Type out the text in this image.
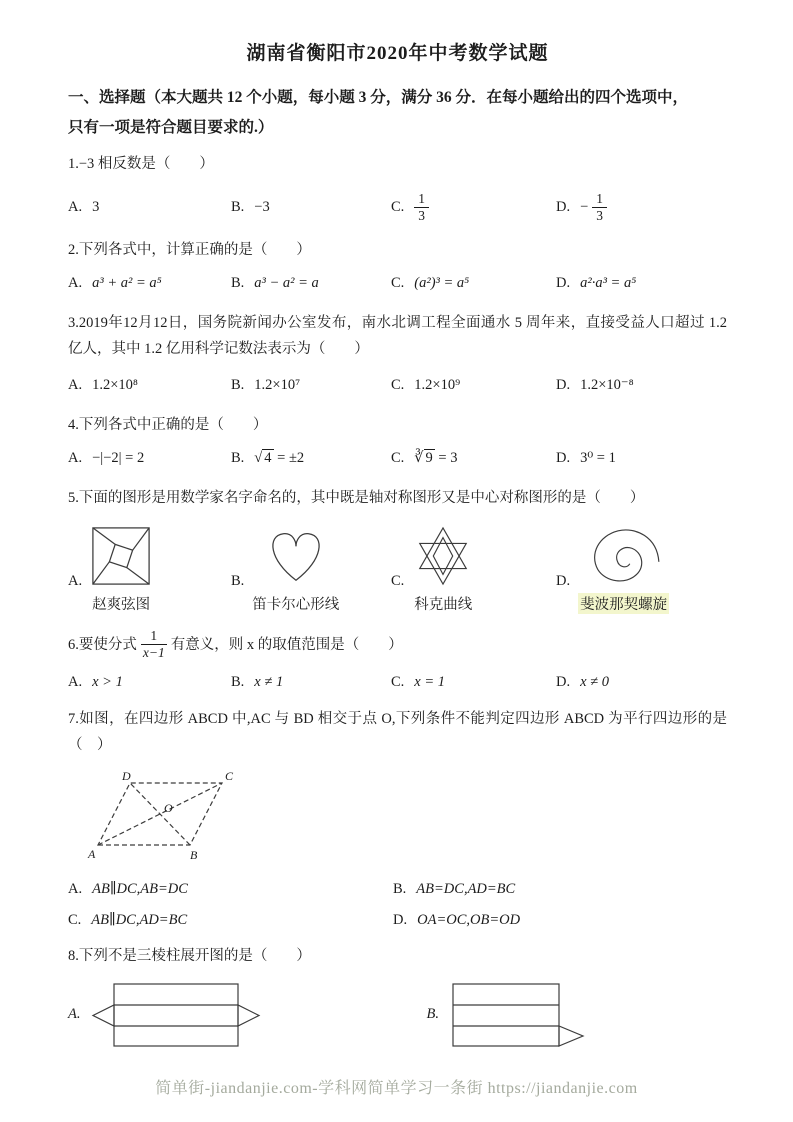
湖南省衡阳市2020年中考数学试题

一、选择题（本大题共 12 个小题，每小题 3 分，满分 36 分．在每小题给出的四个选项中，

只有一项是符合题目要求的.）

1.−3 相反数是（　　）

A. 3	B. −3	C. $\frac{1}{3}$	D. − $\frac{1}{3}$

2.下列各式中，计算正确的是（　　）

A. a³ + a² = a⁵	B. a³ − a² = a	C. (a²)³ = a⁵	D. a²·a³ = a⁵

3.2019年12月12日，国务院新闻办公室发布，南水北调工程全面通水 5 周年来，直接受益人口超过 1.2 亿人，其中 1.2 亿用科学记数法表示为（　　）

A. 1.2×10⁸	B. 1.2×10⁷	C. 1.2×10⁹	D. 1.2×10⁻⁸

4.下列各式中正确的是（　　）

A. −|−2| = 2	B. √ 4 = ±2	C. ∛ 9 = 3	D. 3⁰ = 1

5.下面的图形是用数学家名字命名的，其中既是轴对称图形又是中心对称图形的是（　　）

A.
赵爽弦图
B.
笛卡尔心形线
C.
科克曲线
D.
斐波那契螺旋

6.要使分式 $\frac{1}{x-1}$ 有意义，则 x 的取值范围是（　　）

A. x > 1	B. x ≠ 1	C. x = 1	D. x ≠ 0

7.如图，在四边形 ABCD 中,AC 与 BD 相交于点 O,下列条件不能判定四边形 ABCD 为平行四边形的是（　）

D	C
A	B
O
A. AB∥DC,AB=DC	B. AB=DC,AD=BC
C. AB∥DC,AD=BC	D. OA=OC,OB=OD

8.下列不是三棱柱展开图的是（　　）

A.	B.

简单街-jiandanjie.com-学科网简单学习一条街 https://jiandanjie.com
